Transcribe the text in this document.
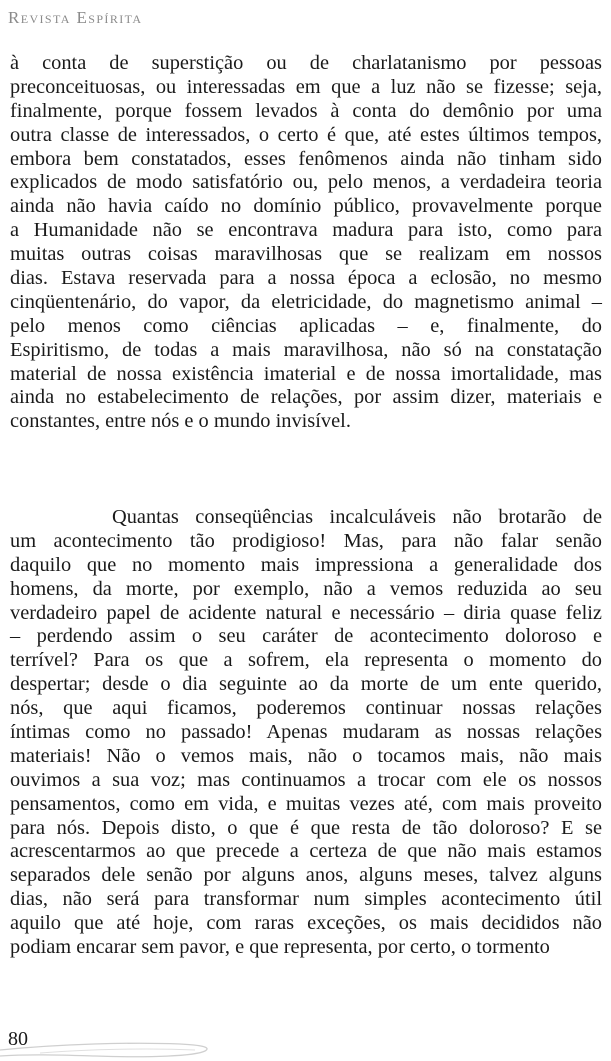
Revista Espírita
à conta de superstição ou de charlatanismo por pessoas
preconceituosas, ou interessadas em que a luz não se fizesse; seja,
finalmente, porque fossem levados à conta do demônio por uma
outra classe de interessados, o certo é que, até estes últimos tempos,
embora bem constatados, esses fenômenos ainda não tinham sido
explicados de modo satisfatório ou, pelo menos, a verdadeira teoria
ainda não havia caído no domínio público, provavelmente porque
a Humanidade não se encontrava madura para isto, como para
muitas outras coisas maravilhosas que se realizam em nossos
dias. Estava reservada para a nossa época a eclosão, no mesmo
cinqüentenário, do vapor, da eletricidade, do magnetismo animal –
pelo menos como ciências aplicadas – e, finalmente, do
Espiritismo, de todas a mais maravilhosa, não só na constatação
material de nossa existência imaterial e de nossa imortalidade, mas
ainda no estabelecimento de relações, por assim dizer, materiais e
constantes, entre nós e o mundo invisível.
Quantas conseqüências incalculáveis não brotarão de
um acontecimento tão prodigioso! Mas, para não falar senão
daquilo que no momento mais impressiona a generalidade dos
homens, da morte, por exemplo, não a vemos reduzida ao seu
verdadeiro papel de acidente natural e necessário – diria quase feliz
– perdendo assim o seu caráter de acontecimento doloroso e
terrível? Para os que a sofrem, ela representa o momento do
despertar; desde o dia seguinte ao da morte de um ente querido,
nós, que aqui ficamos, poderemos continuar nossas relações
íntimas como no passado! Apenas mudaram as nossas relações
materiais! Não o vemos mais, não o tocamos mais, não mais
ouvimos a sua voz; mas continuamos a trocar com ele os nossos
pensamentos, como em vida, e muitas vezes até, com mais proveito
para nós. Depois disto, o que é que resta de tão doloroso? E se
acrescentarmos ao que precede a certeza de que não mais estamos
separados dele senão por alguns anos, alguns meses, talvez alguns
dias, não será para transformar num simples acontecimento útil
aquilo que até hoje, com raras exceções, os mais decididos não
podiam encarar sem pavor, e que representa, por certo, o tormento
80
